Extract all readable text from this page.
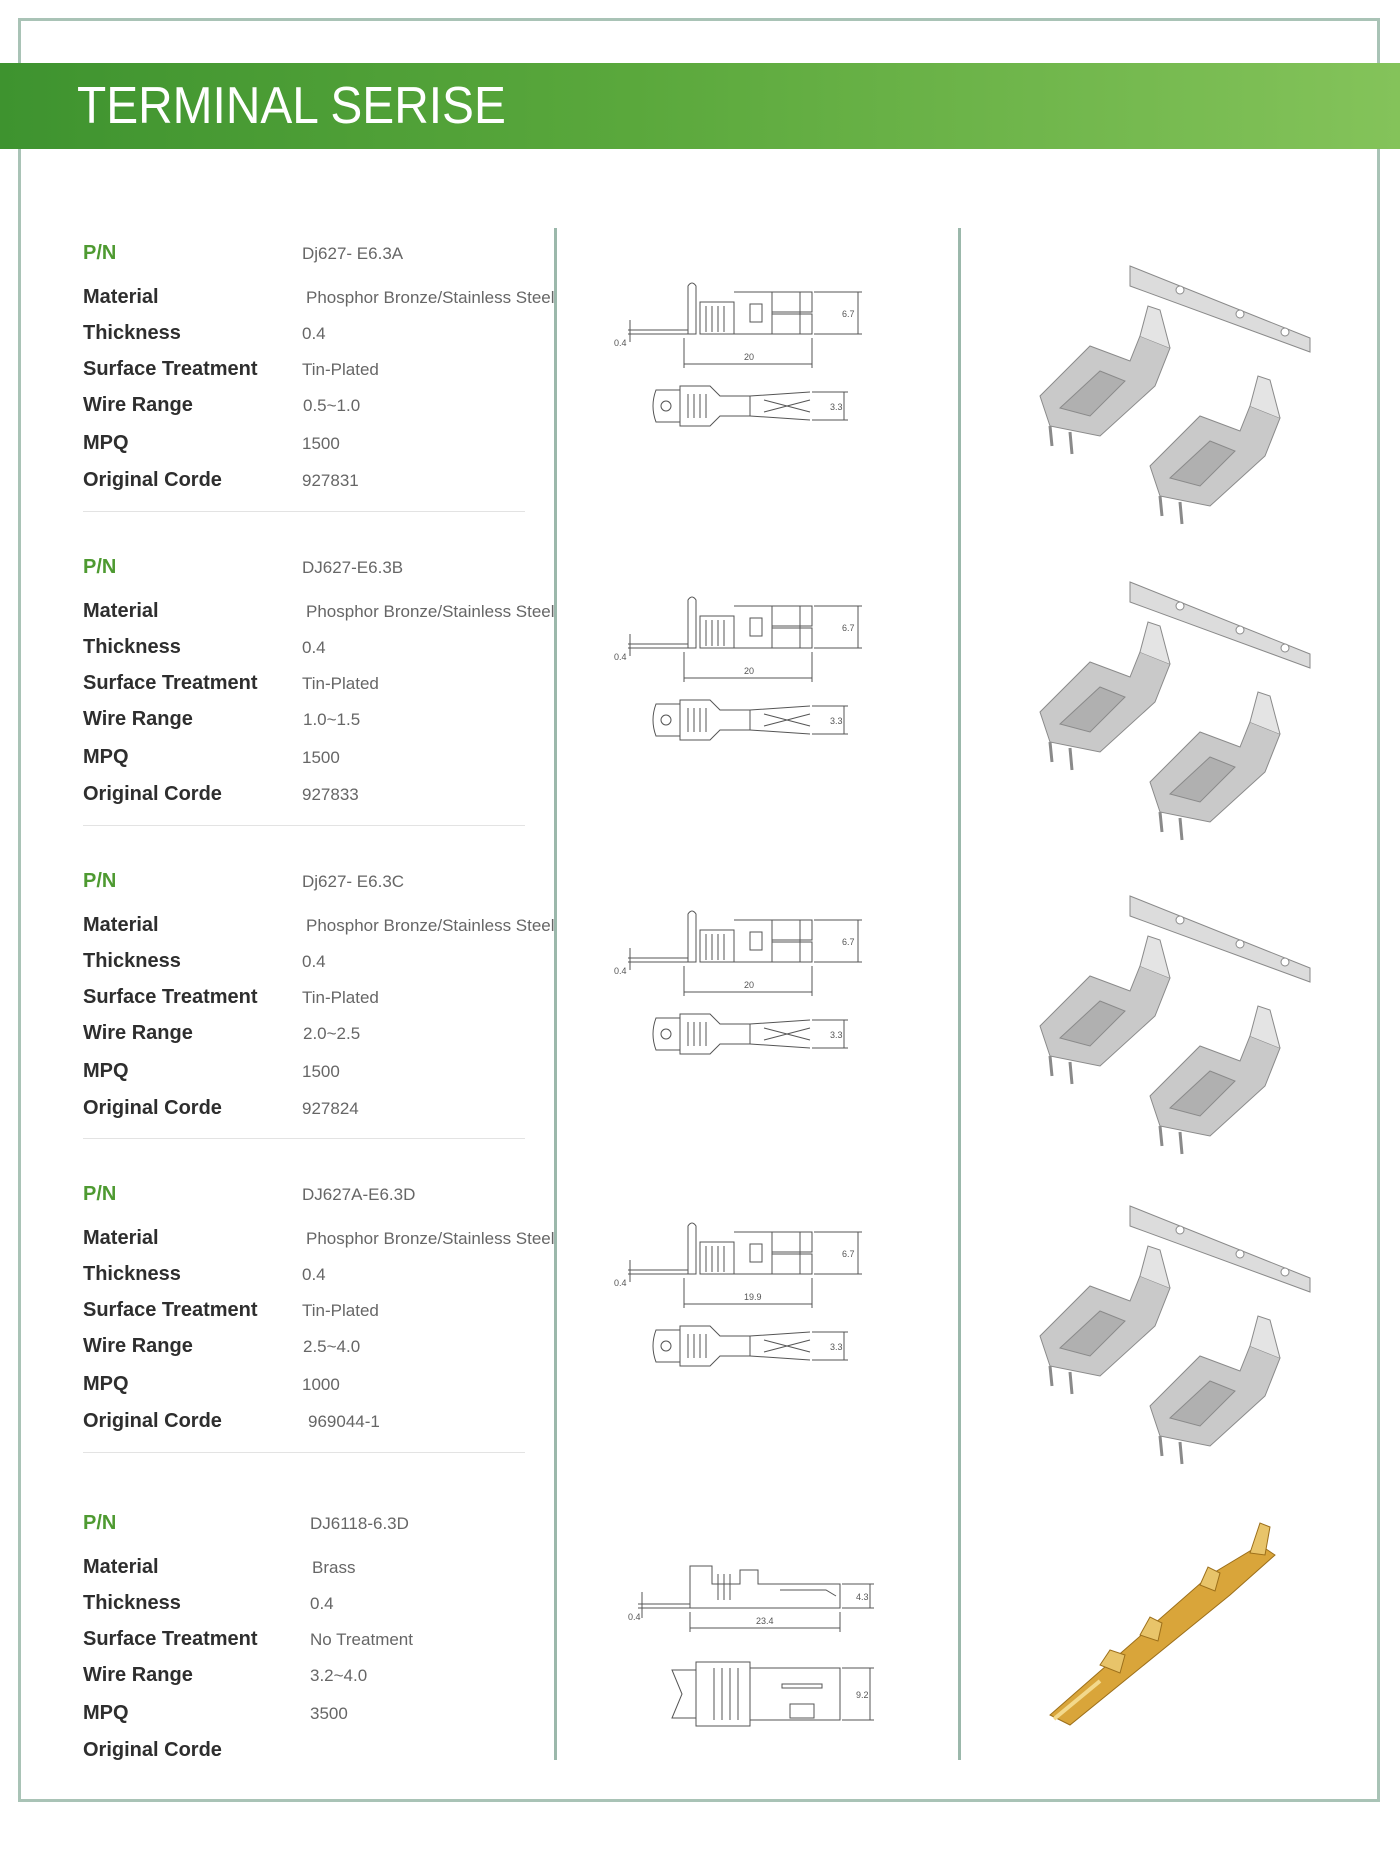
TERMINAL SERISE
P/N	Dj627- E6.3A
Material	Phosphor Bronze/Stainless Steel
Thickness	0.4
Surface Treatment	Tin-Plated
Wire Range	0.5~1.0
MPQ	1500
Original Corde	927831
P/N	DJ627-E6.3B
Material	Phosphor Bronze/Stainless Steel
Thickness	0.4
Surface Treatment	Tin-Plated
Wire Range	1.0~1.5
MPQ	1500
Original Corde	927833
P/N	Dj627- E6.3C
Material	Phosphor Bronze/Stainless Steel
Thickness	0.4
Surface Treatment	Tin-Plated
Wire Range	2.0~2.5
MPQ	1500
Original Corde	927824
P/N	DJ627A-E6.3D
Material	Phosphor Bronze/Stainless Steel
Thickness	0.4
Surface Treatment	Tin-Plated
Wire Range	2.5~4.0
MPQ	1000
Original Corde	969044-1
P/N	DJ6118-6.3D
Material	Brass
Thickness	0.4
Surface Treatment	No Treatment
Wire Range	3.2~4.0
MPQ	3500
Original Corde
6.7
20
0.4
3.3
6.7
20
0.4
3.3
6.7
20
0.4
3.3
6.7
19.9
0.4
3.3
4.3
23.4
0.4
9.2
